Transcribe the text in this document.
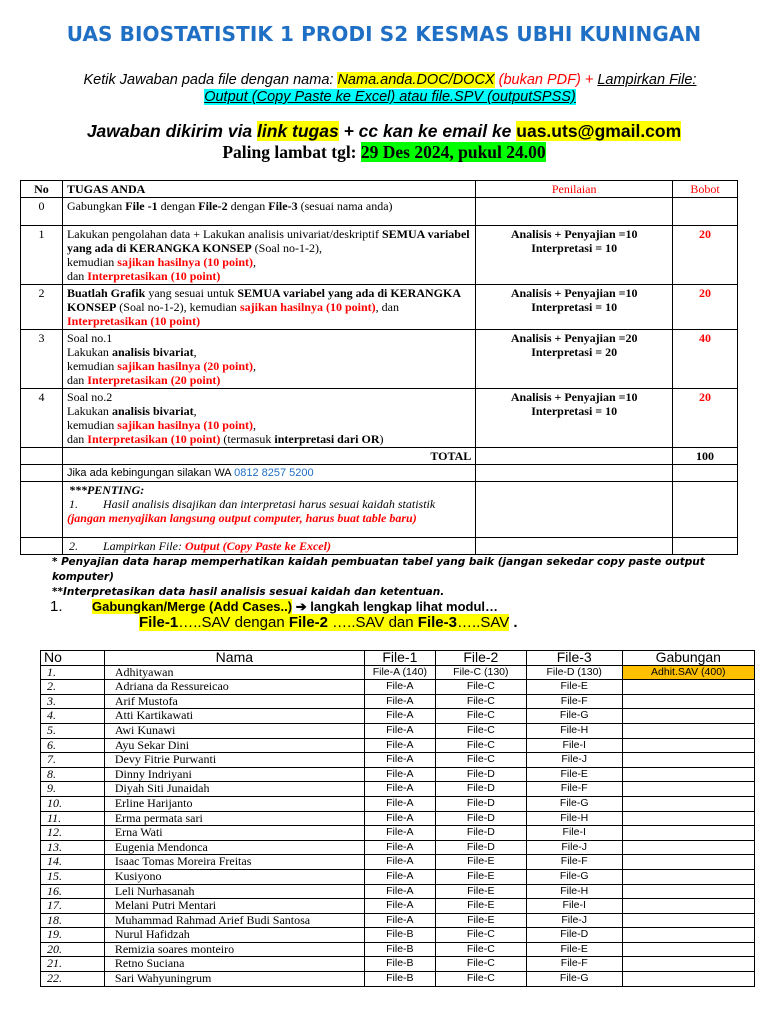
UAS BIOSTATISTIK 1 PRODI S2 KESMAS UBHI KUNINGAN
Ketik Jawaban pada file dengan nama: Nama.anda.DOC/DOCX (bukan PDF) + Lampirkan File:
Output (Copy Paste ke Excel) atau file.SPV (outputSPSS)
Jawaban dikirim via link tugas + cc kan ke email ke uas.uts@gmail.com
Paling lambat tgl: 29 Des 2024, pukul 24.00
No	TUGAS ANDA	Penilaian	Bobot
0	Gabungkan File -1 dengan File-2 dengan File-3 (sesuai nama anda)		
1	Lakukan pengolahan data + Lakukan analisis univariat/deskriptif SEMUA variabel yang ada di KERANGKA KONSEP (Soal no-1-2),
kemudian sajikan hasilnya (10 point),
dan Interpretasikan (10 point)	Analisis + Penyajian =10
Interpretasi = 10	20
2	Buatlah Grafik yang sesuai untuk SEMUA variabel yang ada di KERANGKA KONSEP (Soal no-1-2), kemudian sajikan hasilnya (10 point), dan Interpretasikan (10 point)	Analisis + Penyajian =10
Interpretasi = 10	20
3	Soal no.1
Lakukan analisis bivariat,
kemudian sajikan hasilnya (20 point),
dan Interpretasikan (20 point)	Analisis + Penyajian =20
Interpretasi = 20	40
4	Soal no.2
Lakukan analisis bivariat,
kemudian sajikan hasilnya (10 point),
dan Interpretasikan (10 point) (termasuk interpretasi dari OR)	Analisis + Penyajian =10
Interpretasi = 10	20
	TOTAL		100
	Jika ada kebingungan silakan WA 0812 8257 5200		
	***PENTING:
1. Hasil analisis disajikan dan interpretasi harus sesuai kaidah statistik
(jangan menyajikan langsung output computer, harus buat table baru)		
	2. Lampirkan File: Output (Copy Paste ke Excel)		
* Penyajian data harap memperhatikan kaidah pembuatan tabel yang baik (jangan sekedar copy paste output komputer)
**Interpretasikan data hasil analisis sesuai kaidah dan ketentuan.
1. Gabungkan/Merge (Add Cases..) ➔ langkah lengkap lihat modul…
File-1…..SAV dengan File-2 …..SAV dan File-3…..SAV .
No	Nama	File-1	File-2	File-3	Gabungan
1.	Adhityawan	File-A (140)	File-C (130)	File-D (130)	Adhit.SAV (400)
2.	Adriana da Ressureicao	File-A	File-C	File-E	
3.	Arif Mustofa	File-A	File-C	File-F	
4.	Atti Kartikawati	File-A	File-C	File-G	
5.	Awi Kunawi	File-A	File-C	File-H	
6.	Ayu Sekar Dini	File-A	File-C	File-I	
7.	Devy Fitrie Purwanti	File-A	File-C	File-J	
8.	Dinny Indriyani	File-A	File-D	File-E	
9.	Diyah Siti Junaidah	File-A	File-D	File-F	
10.	Erline Harijanto	File-A	File-D	File-G	
11.	Erma permata sari	File-A	File-D	File-H	
12.	Erna Wati	File-A	File-D	File-I	
13.	Eugenia Mendonca	File-A	File-D	File-J	
14.	Isaac Tomas Moreira Freitas	File-A	File-E	File-F	
15.	Kusiyono	File-A	File-E	File-G	
16.	Leli Nurhasanah	File-A	File-E	File-H	
17.	Melani Putri Mentari	File-A	File-E	File-I	
18.	Muhammad Rahmad Arief Budi Santosa	File-A	File-E	File-J	
19.	Nurul Hafidzah	File-B	File-C	File-D	
20.	Remizia soares monteiro	File-B	File-C	File-E	
21.	Retno Suciana	File-B	File-C	File-F	
22.	Sari Wahyuningrum	File-B	File-C	File-G	
